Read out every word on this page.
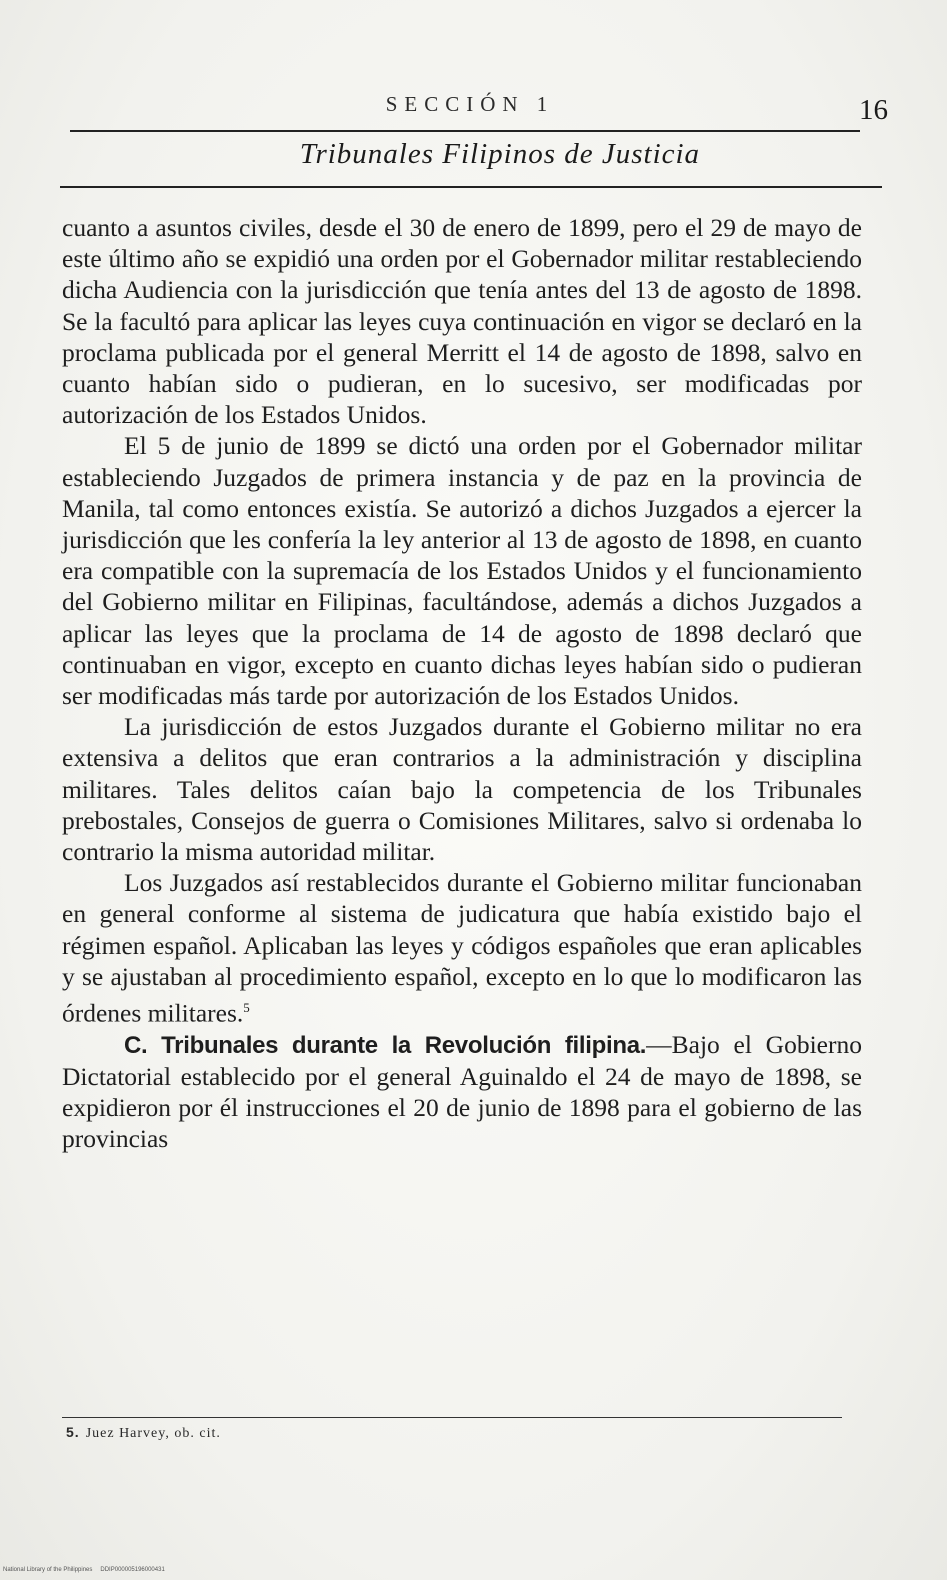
SECCIÓN 1	16
Tribunales Filipinos de Justicia

cuanto a asuntos civiles, desde el 30 de enero de 1899, pero el 29 de mayo de este último año se expidió una orden por el Gobernador militar restableciendo dicha Audiencia con la jurisdicción que tenía antes del 13 de agosto de 1898. Se la facultó para aplicar las leyes cuya continuación en vigor se declaró en la proclama publicada por el general Merritt el 14 de agosto de 1898, salvo en cuanto habían sido o pudieran, en lo sucesivo, ser modificadas por autorización de los Estados Unidos.

El 5 de junio de 1899 se dictó una orden por el Gobernador militar estableciendo Juzgados de primera instancia y de paz en la provincia de Manila, tal como entonces existía. Se autorizó a dichos Juzgados a ejercer la jurisdicción que les confería la ley anterior al 13 de agosto de 1898, en cuanto era compatible con la supremacía de los Estados Unidos y el funcionamiento del Gobierno militar en Filipinas, facultándose, además a dichos Juzgados a aplicar las leyes que la proclama de 14 de agosto de 1898 declaró que continuaban en vigor, excepto en cuanto dichas leyes habían sido o pudieran ser modificadas más tarde por autorización de los Estados Unidos.

La jurisdicción de estos Juzgados durante el Gobierno militar no era extensiva a delitos que eran contrarios a la administración y disciplina militares. Tales delitos caían bajo la competencia de los Tribunales prebostales, Consejos de guerra o Comisiones Militares, salvo si ordenaba lo contrario la misma autoridad militar.

Los Juzgados así restablecidos durante el Gobierno militar funcionaban en general conforme al sistema de judicatura que había existido bajo el régimen español. Aplicaban las leyes y códigos españoles que eran aplicables y se ajustaban al procedimiento español, excepto en lo que lo modificaron las órdenes militares.$^5$

C. Tribunales durante la Revolución filipina.—Bajo el Gobierno Dictatorial establecido por el general Aguinaldo el 24 de mayo de 1898, se expidieron por él instrucciones el 20 de junio de 1898 para el gobierno de las provincias

5. Juez Harvey, ob. cit.
National Library of the Philippines DDIP000005196000431
